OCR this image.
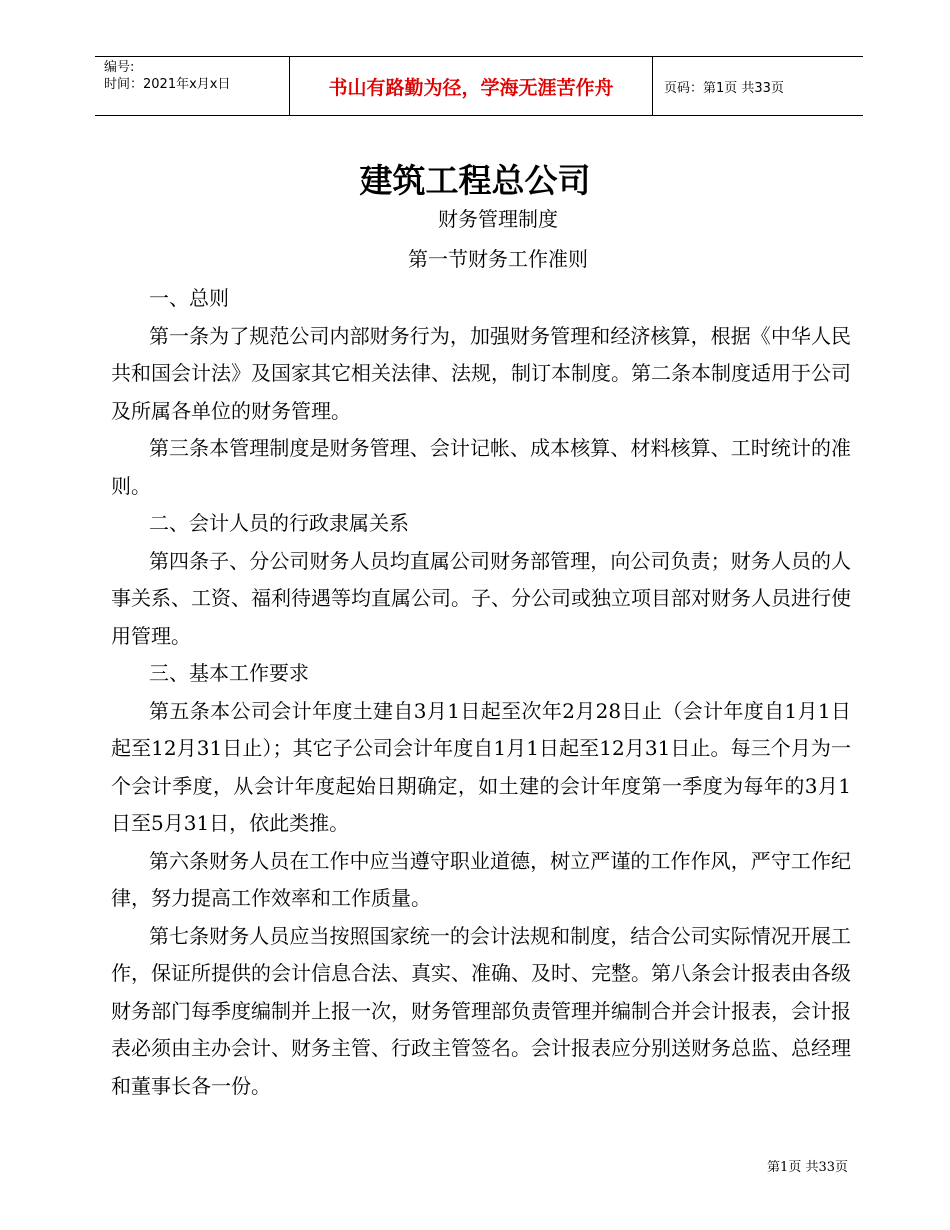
编号:
时间：2021年x月x日	书山有路勤为径，学海无涯苦作舟	页码：第1页 共33页
建筑工程总公司
财务管理制度
第一节财务工作准则

一、总则

第一条为了规范公司内部财务行为，加强财务管理和经济核算，根据《中华人民共和国会计法》及国家其它相关法律、法规，制订本制度。第二条本制度适用于公司及所属各单位的财务管理。

第三条本管理制度是财务管理、会计记帐、成本核算、材料核算、工时统计的准则。

二、会计人员的行政隶属关系

第四条子、分公司财务人员均直属公司财务部管理，向公司负责；财务人员的人事关系、工资、福利待遇等均直属公司。子、分公司或独立项目部对财务人员进行使用管理。

三、基本工作要求

第五条本公司会计年度土建自3月1日起至次年2月28日止（会计年度自1月1日起至12月31日止）；其它子公司会计年度自1月1日起至12月31日止。每三个月为一个会计季度，从会计年度起始日期确定，如土建的会计年度第一季度为每年的3月1日至5月31日，依此类推。

第六条财务人员在工作中应当遵守职业道德，树立严谨的工作作风，严守工作纪律，努力提高工作效率和工作质量。

第七条财务人员应当按照国家统一的会计法规和制度，结合公司实际情况开展工作，保证所提供的会计信息合法、真实、准确、及时、完整。第八条会计报表由各级财务部门每季度编制并上报一次，财务管理部负责管理并编制合并会计报表，会计报表必须由主办会计、财务主管、行政主管签名。会计报表应分别送财务总监、总经理和董事长各一份。

第1页 共33页
